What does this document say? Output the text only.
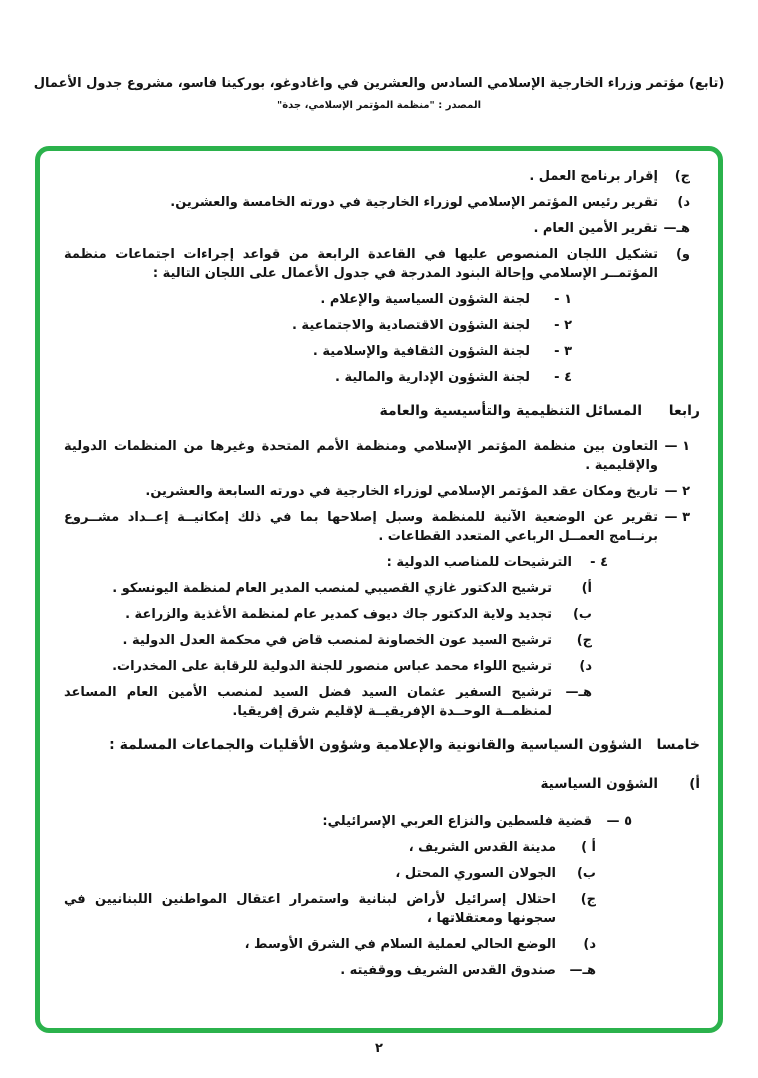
(تابع) مؤتمر وزراء الخارجية الإسلامي السادس والعشرين في واغادوغو، بوركينا فاسو، مشروع جدول الأعمال
المصدر : "منظمة المؤتمر الإسلامي، جدة"
ج)
إقرار برنامج العمل .
د)
تقرير رئيس المؤتمر الإسلامي لوزراء الخارجية في دورته الخامسة والعشرين.
هـ—
تقرير الأمين العام .
و)
تشكيل اللجان المنصوص عليها في القاعدة الرابعة من قواعد إجراءات اجتماعات منظمة المؤتمــر الإسلامي وإحالة البنود المدرجة في جدول الأعمال على اللجان التالية :
١ -
لجنة الشؤون السياسية والإعلام .
٢ -
لجنة الشؤون الاقتصادية والاجتماعية .
٣ -
لجنة الشؤون الثقافية والإسلامية .
٤ -
لجنة الشؤون الإدارية والمالية .
رابعا
المسائل التنظيمية والتأسيسية والعامة
١ —
التعاون بين منظمة المؤتمر الإسلامي ومنظمة الأمم المتحدة وغيرها من المنظمات الدولية والإقليمية .
٢ —
تاريخ ومكان عقد المؤتمر الإسلامي لوزراء الخارجية في دورته السابعة والعشرين.
٣ —
تقرير عن الوضعية الآنية للمنظمة وسبل إصلاحها بما في ذلك إمكانيــة إعــداد مشــروع برنــامج العمــل الرباعي المتعدد القطاعات .
٤ -
الترشيحات للمناصب الدولية :
أ)
ترشيح الدكتور غازي القصيبي لمنصب المدير العام لمنظمة اليونسكو .
ب)
تجديد ولاية الدكتور جاك ديوف كمدير عام لمنظمة الأغذية والزراعة .
ج)
ترشيح السيد عون الخصاونة لمنصب قاض في محكمة العدل الدولية .
د)
ترشيح اللواء محمد عباس منصور للجنة الدولية للرقابة على المخدرات.
هـ—
ترشيح السفير عثمان السيد فضل السيد لمنصب الأمين العام المساعد لمنظمــة الوحــدة الإفريقيــة لإقليم شرق إفريقيا.
خامسا
الشؤون السياسية والقانونية والإعلامية وشؤون الأقليات والجماعات المسلمة :
أ)
الشؤون السياسية
٥ —
قضية فلسطين والنزاع العربي الإسرائيلي:
أ )
مدينة القدس الشريف ،
ب)
الجولان السوري المحتل ،
ج)
احتلال إسرائيل لأراض لبنانية واستمرار اعتقال المواطنين اللبنانيين في سجونها ومعتقلاتها ،
د)
الوضع الحالي لعملية السلام في الشرق الأوسط ،
هـ—
صندوق القدس الشريف ووقفيته .
٢
